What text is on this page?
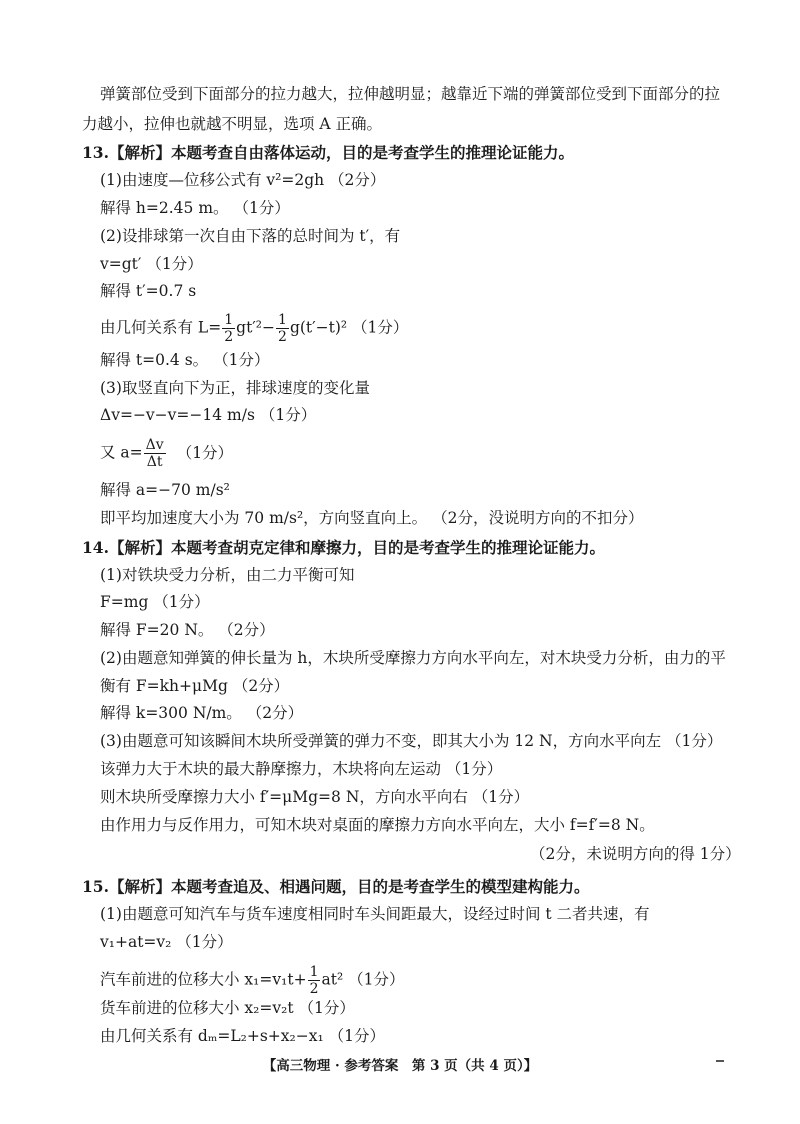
弹簧部位受到下面部分的拉力越大，拉伸越明显；越靠近下端的弹簧部位受到下面部分的拉
力越小，拉伸也就越不明显，选项 A 正确。
13.【解析】本题考查自由落体运动，目的是考查学生的推理论证能力。
(1)由速度—位移公式有 v²=2gh （2分）
解得 h=2.45 m。 （1分）
(2)设排球第一次自由下落的总时间为 t′，有
v=gt′ （1分）
解得 t′=0.7 s
由几何关系有 $L= \frac{1}{2} gt'^2- \frac{1}{2} g(t'-t)^2$ （1分）
解得 t=0.4 s。 （1分）
(3)取竖直向下为正，排球速度的变化量
Δv=−v−v=−14 m/s （1分）
又 $a= \frac{\Delta v}{\Delta t} (1$分）
解得 a=−70 m/s²
即平均加速度大小为 70 m/s²，方向竖直向上。 （2分，没说明方向的不扣分）
14.【解析】本题考查胡克定律和摩擦力，目的是考查学生的推理论证能力。
(1)对铁块受力分析，由二力平衡可知
F=mg （1分）
解得 F=20 N。 （2分）
(2)由题意知弹簧的伸长量为 h，木块所受摩擦力方向水平向左，对木块受力分析，由力的平
衡有 F=kh+μMg （2分）
解得 k=300 N/m。 （2分）
(3)由题意可知该瞬间木块所受弹簧的弹力不变，即其大小为 12 N，方向水平向左 （1分）
该弹力大于木块的最大静摩擦力，木块将向左运动 （1分）
则木块所受摩擦力大小 f′=μMg=8 N，方向水平向右 （1分）
由作用力与反作用力，可知木块对桌面的摩擦力方向水平向左，大小 f=f′=8 N。
（2分，未说明方向的得 1分）
15.【解析】本题考查追及、相遇问题，目的是考查学生的模型建构能力。
(1)由题意可知汽车与货车速度相同时车头间距最大，设经过时间 t 二者共速，有
v₁+at=v₂ （1分）
汽车前进的位移大小 $x_1=v_1t+ \frac{1}{2} at^2$ （1分）
货车前进的位移大小 x₂=v₂t （1分）
由几何关系有 dₘ=L₂+s+x₂−x₁ （1分）
【高三物理 · 参考答案　第 3 页（共 4 页）】
